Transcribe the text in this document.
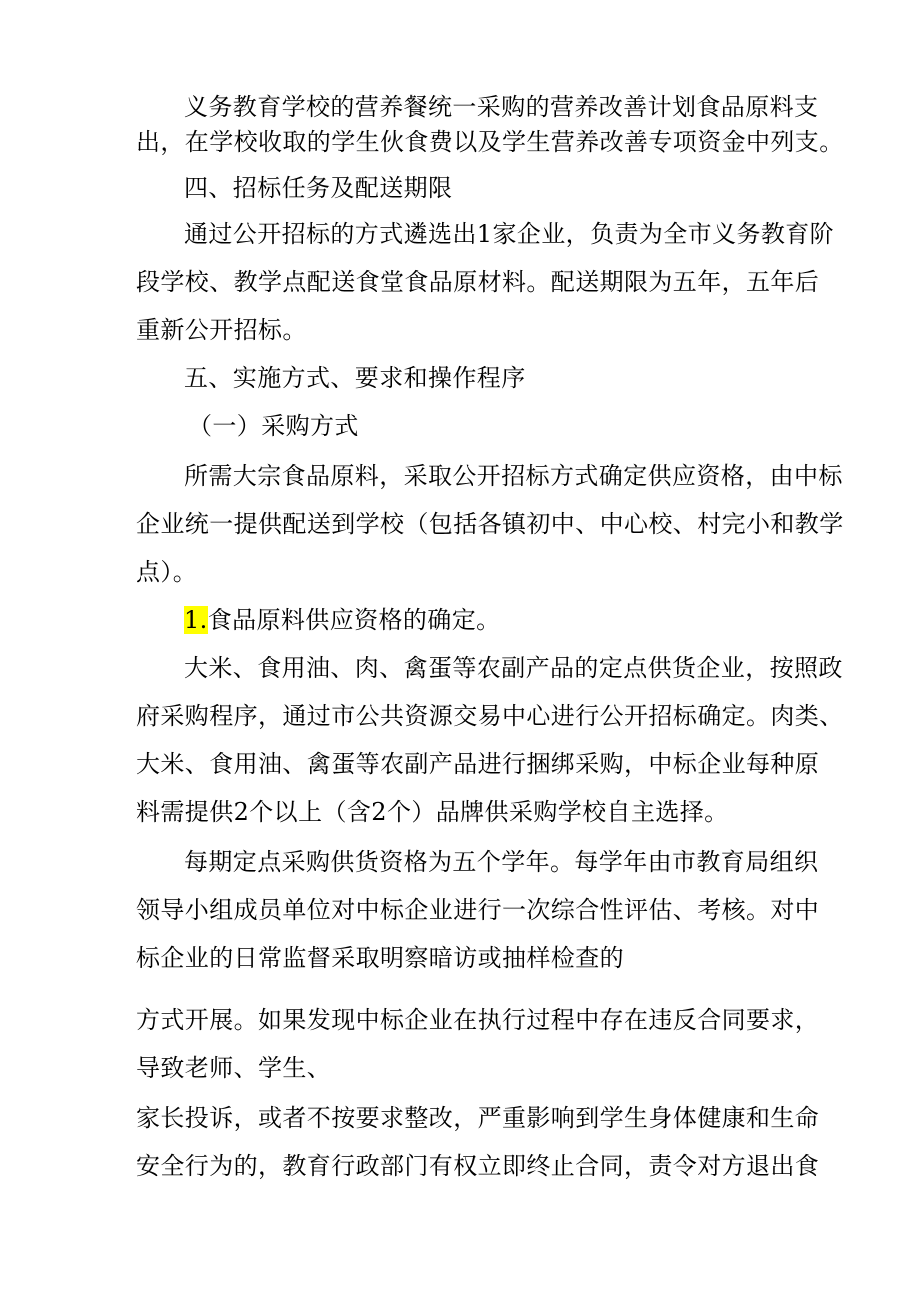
义务教育学校的营养餐统一采购的营养改善计划食品原料支
出，在学校收取的学生伙食费以及学生营养改善专项资金中列支。
四、招标任务及配送期限
通过公开招标的方式遴选出1家企业，负责为全市义务教育阶
段学校、教学点配送食堂食品原材料。配送期限为五年，五年后
重新公开招标。
五、实施方式、要求和操作程序
（一）采购方式
所需大宗食品原料，采取公开招标方式确定供应资格，由中标
企业统一提供配送到学校（包括各镇初中、中心校、村完小和教学
点）。
1.食品原料供应资格的确定。
大米、食用油、肉、禽蛋等农副产品的定点供货企业，按照政
府采购程序，通过市公共资源交易中心进行公开招标确定。肉类、
大米、食用油、禽蛋等农副产品进行捆绑采购，中标企业每种原
料需提供2个以上（含2个）品牌供采购学校自主选择。
每期定点采购供货资格为五个学年。每学年由市教育局组织
领导小组成员单位对中标企业进行一次综合性评估、考核。对中
标企业的日常监督采取明察暗访或抽样检查的
方式开展。如果发现中标企业在执行过程中存在违反合同要求，
导致老师、学生、
家长投诉，或者不按要求整改，严重影响到学生身体健康和生命
安全行为的，教育行政部门有权立即终止合同，责令对方退出食
